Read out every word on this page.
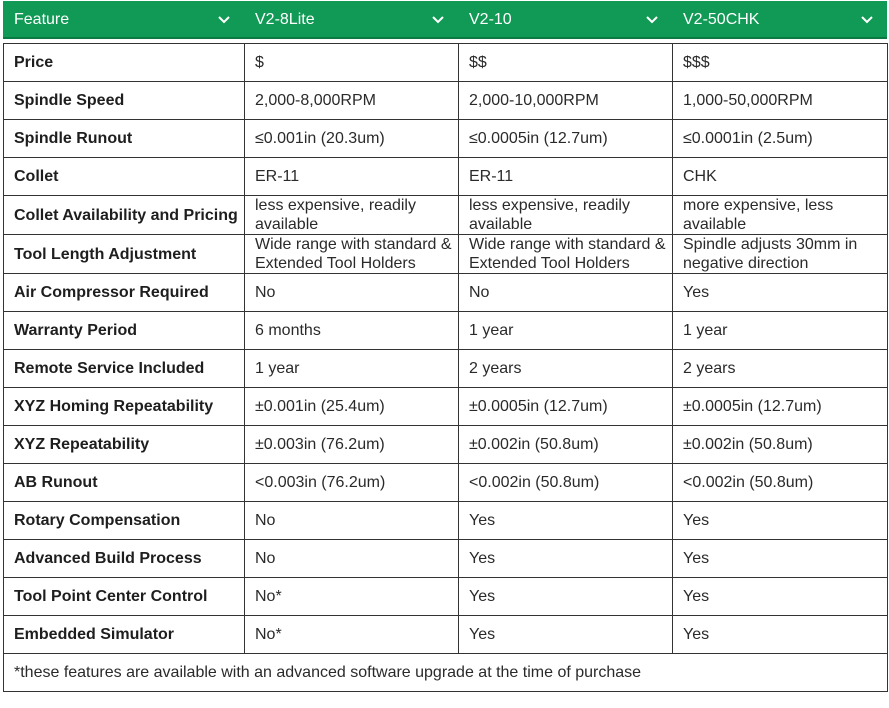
Feature	V2-8Lite	V2-10	V2-50CHK
Price	$	$$	$$$
Spindle Speed	2,000-8,000RPM	2,000-10,000RPM	1,000-50,000RPM
Spindle Runout	≤0.001in (20.3um)	≤0.0005in (12.7um)	≤0.0001in (2.5um)
Collet	ER-11	ER-11	CHK
Collet Availability and Pricing	less expensive, readily available	less expensive, readily available	more expensive, less available
Tool Length Adjustment	Wide range with standard & Extended Tool Holders	Wide range with standard & Extended Tool Holders	Spindle adjusts 30mm in negative direction
Air Compressor Required	No	No	Yes
Warranty Period	6 months	1 year	1 year
Remote Service Included	1 year	2 years	2 years
XYZ Homing Repeatability	±0.001in (25.4um)	±0.0005in (12.7um)	±0.0005in (12.7um)
XYZ Repeatability	±0.003in (76.2um)	±0.002in (50.8um)	±0.002in (50.8um)
AB Runout	<0.003in (76.2um)	<0.002in (50.8um)	<0.002in (50.8um)
Rotary Compensation	No	Yes	Yes
Advanced Build Process	No	Yes	Yes
Tool Point Center Control	No*	Yes	Yes
Embedded Simulator	No*	Yes	Yes
*these features are available with an advanced software upgrade at the time of purchase			
